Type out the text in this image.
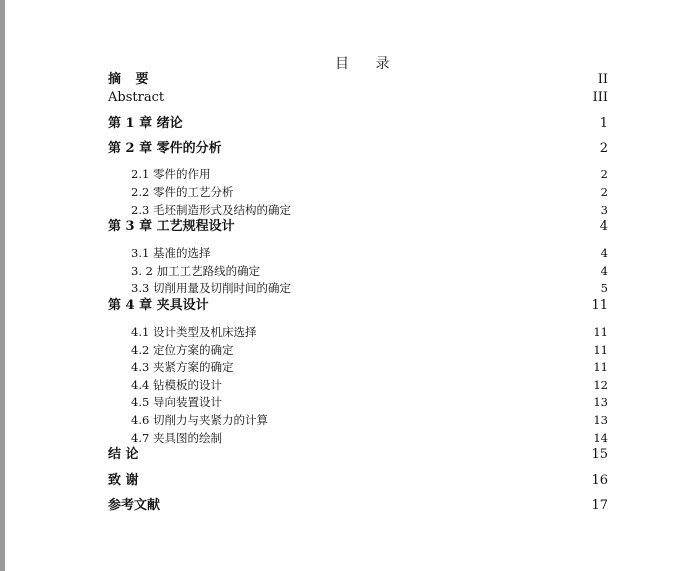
目 录
摘 要	II
Abstract	III
第 1 章 绪论	1
第 2 章 零件的分析	2
2.1 零件的作用	2
2.2 零件的工艺分析	2
2.3 毛坯制造形式及结构的确定	3
第 3 章 工艺规程设计	4
3.1 基准的选择	4
3. 2 加工工艺路线的确定	4
3.3 切削用量及切削时间的确定	5
第 4 章 夹具设计	11
4.1 设计类型及机床选择	11
4.2 定位方案的确定	11
4.3 夹紧方案的确定	11
4.4 钻模板的设计	12
4.5 导向装置设计	13
4.6 切削力与夹紧力的计算	13
4.7 夹具图的绘制	14
结 论	15
致 谢	16
参考文献	17
